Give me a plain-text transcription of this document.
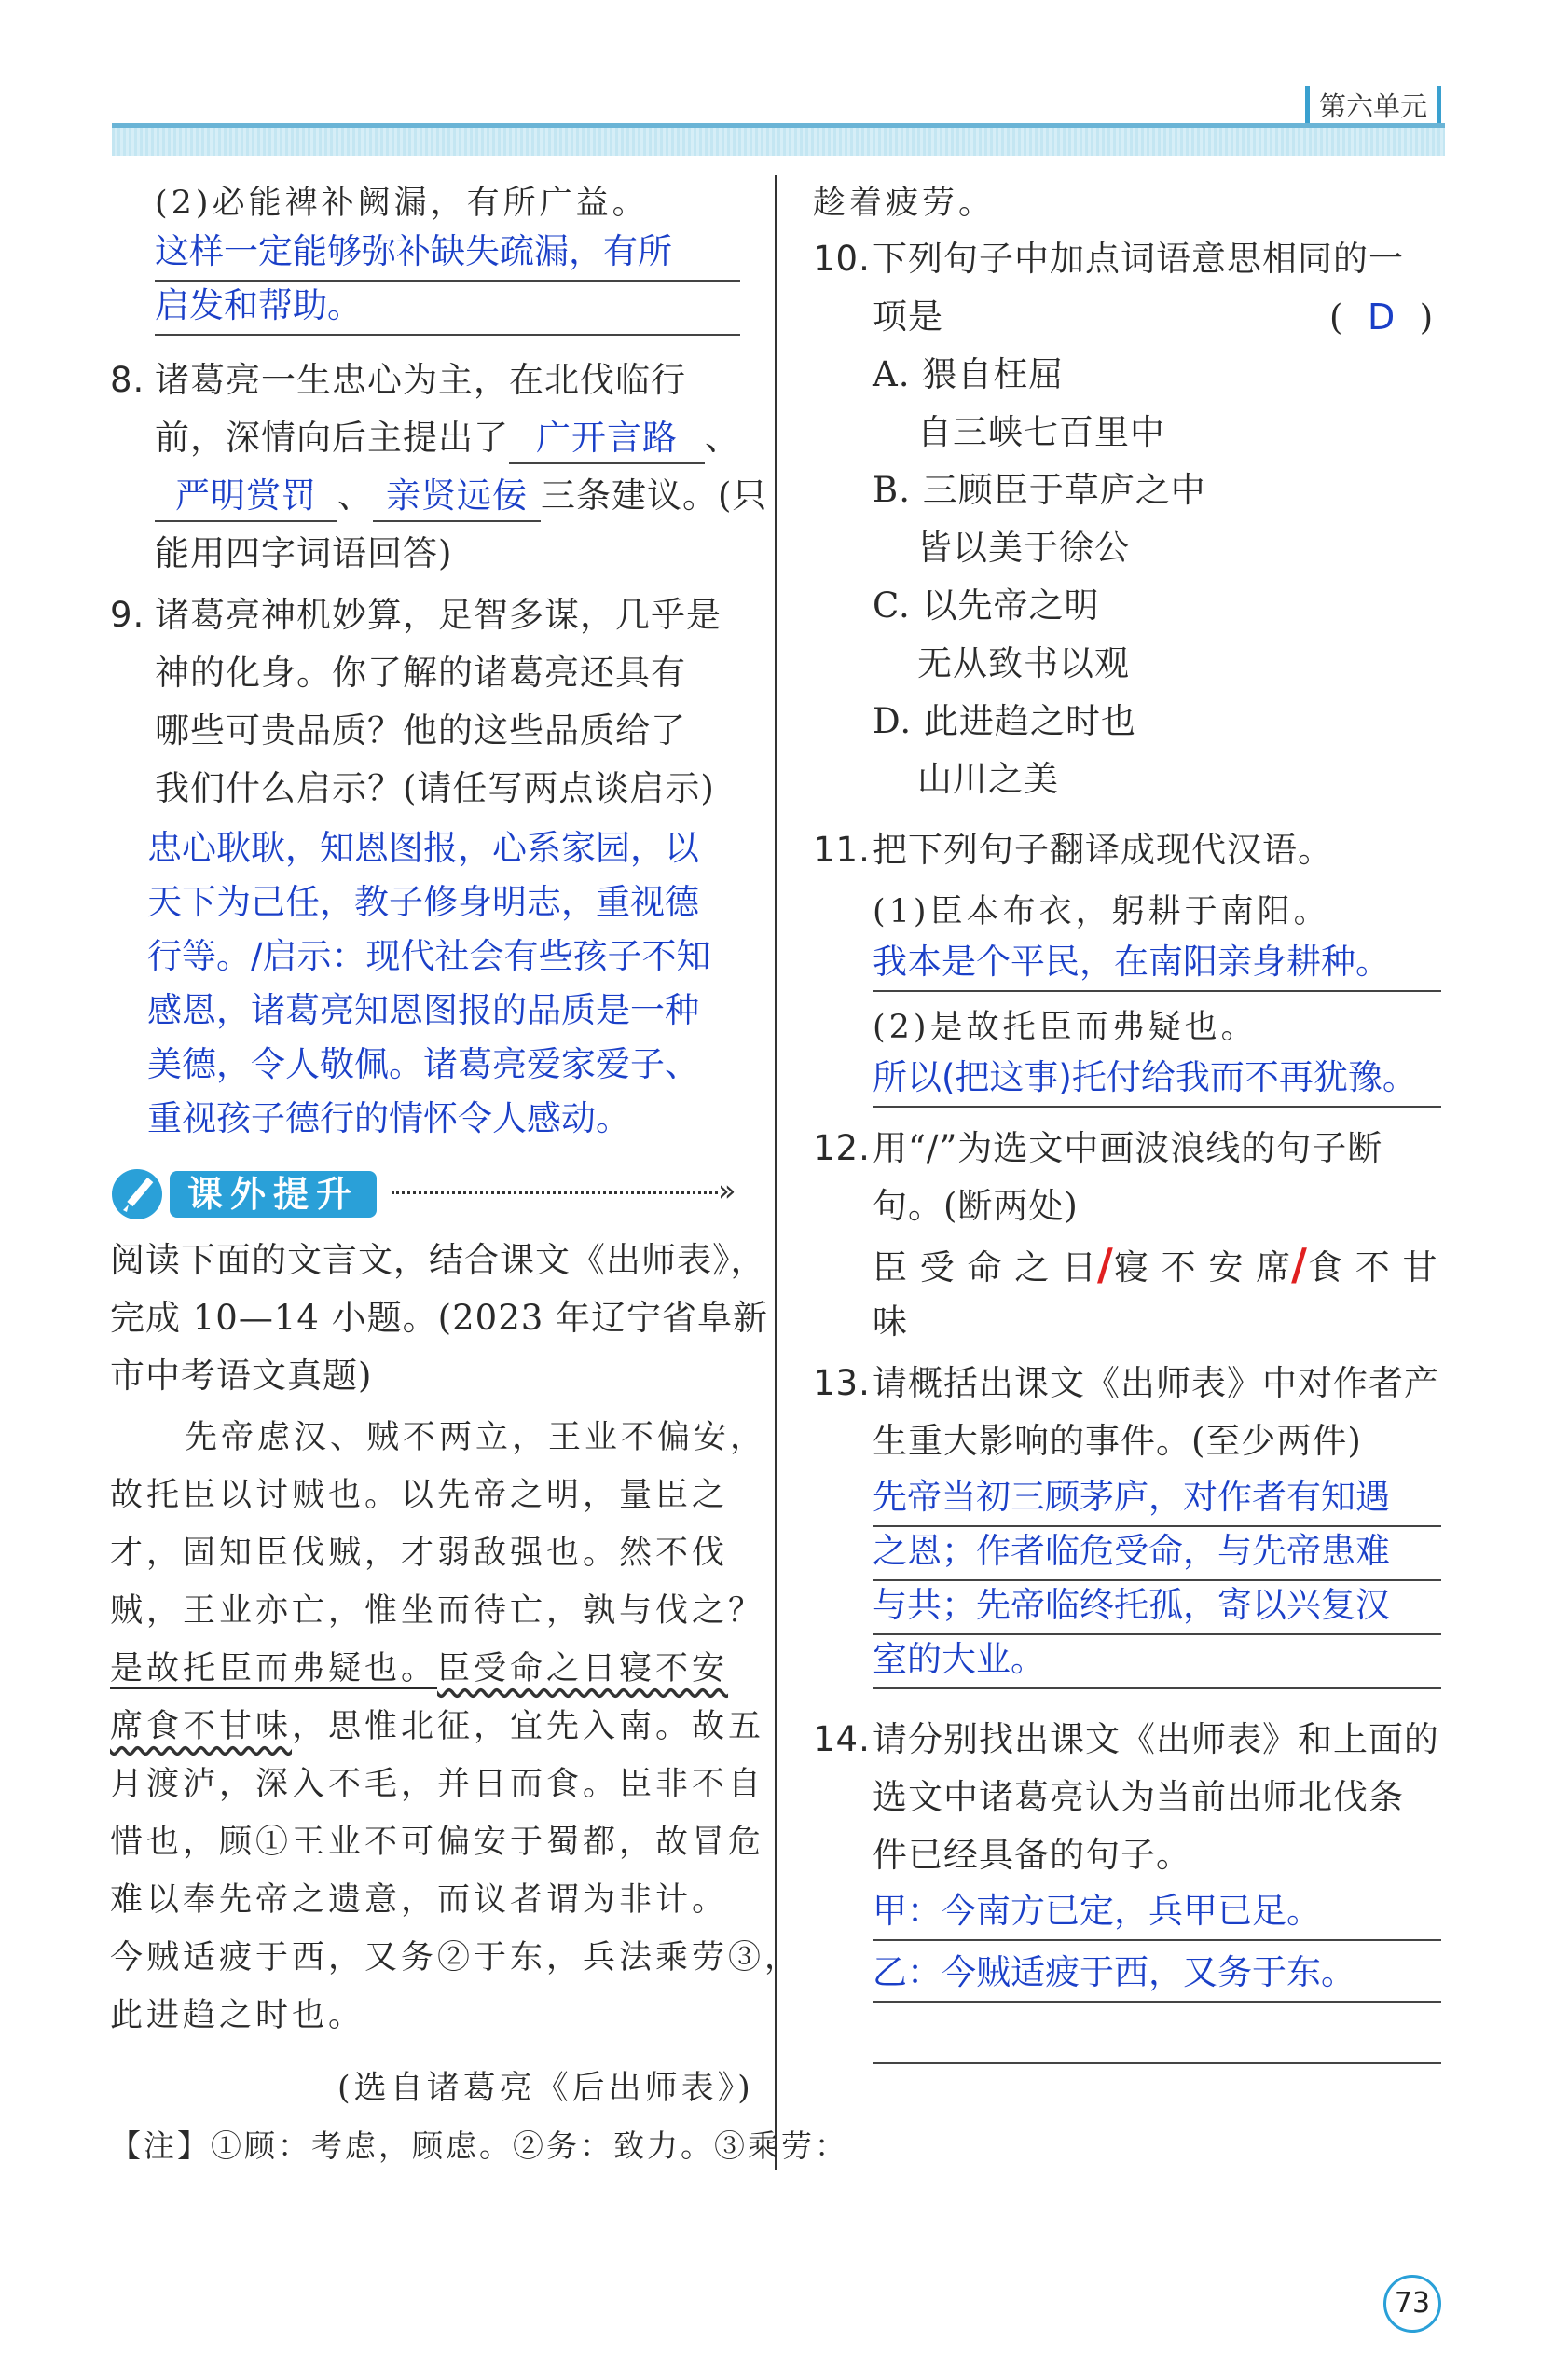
第六单元
(2)必能裨补阙漏，有所广益。
这样一定能够弥补缺失疏漏，有所
启发和帮助。
8. 诸葛亮一生忠心为主，在北伐临行
前，深情向后主提出了 广开言路 、
严明赏罚 、 亲贤远佞 三条建议。(只
能用四字词语回答)
9. 诸葛亮神机妙算，足智多谋，几乎是
神的化身。你了解的诸葛亮还具有
哪些可贵品质？他的这些品质给了
我们什么启示？(请任写两点谈启示)
忠心耿耿，知恩图报，心系家园，以
天下为己任，教子修身明志，重视德
行等。/启示：现代社会有些孩子不知
感恩，诸葛亮知恩图报的品质是一种
美德，令人敬佩。诸葛亮爱家爱子、
重视孩子德行的情怀令人感动。
课外提升	»
阅读下面的文言文，结合课文《出师表》，
完成 10—14 小题。(2023 年辽宁省阜新
市中考语文真题)
先帝虑汉、贼不两立，王业不偏安，
故托臣以讨贼也。以先帝之明，量臣之
才，固知臣伐贼，才弱敌强也。然不伐
贼，王业亦亡，惟坐而待亡，孰与伐之？
是故托臣而弗疑也。臣受命之日寝不安
席食不甘味，思惟北征，宜先入南。故五
月渡泸，深入不毛，并日而食。臣非不自
惜也，顾①王业不可偏安于蜀都，故冒危
难以奉先帝之遗意，而议者谓为非计。
今贼适疲于西，又务②于东，兵法乘劳③，
此进趋之时也。
(选自诸葛亮《后出师表》)
【注】①顾：考虑，顾虑。②务：致力。③乘劳：
趁着疲劳。
10. 下列句子中加点词语意思相同的一
项是	(  D  )
A. 猥自枉屈
自三峡七百里中
B. 三顾臣于草庐之中
皆以美于徐公
C. 以先帝之明
无从致书以观
D. 此进趋之时也
山川之美
11. 把下列句子翻译成现代汉语。
(1)臣本布衣，躬耕于南阳。
我本是个平民，在南阳亲身耕种。
(2)是故托臣而弗疑也。
所以(把这事)托付给我而不再犹豫。
12. 用“/”为选文中画波浪线的句子断
句。(断两处)
臣 受 命 之 日/寝 不 安 席/食 不 甘
味
13. 请概括出课文《出师表》中对作者产
生重大影响的事件。(至少两件)
先帝当初三顾茅庐，对作者有知遇
之恩；作者临危受命，与先帝患难
与共；先帝临终托孤，寄以兴复汉
室的大业。
14. 请分别找出课文《出师表》和上面的
选文中诸葛亮认为当前出师北伐条
件已经具备的句子。
甲：今南方已定，兵甲已足。
乙：今贼适疲于西，又务于东。
73
